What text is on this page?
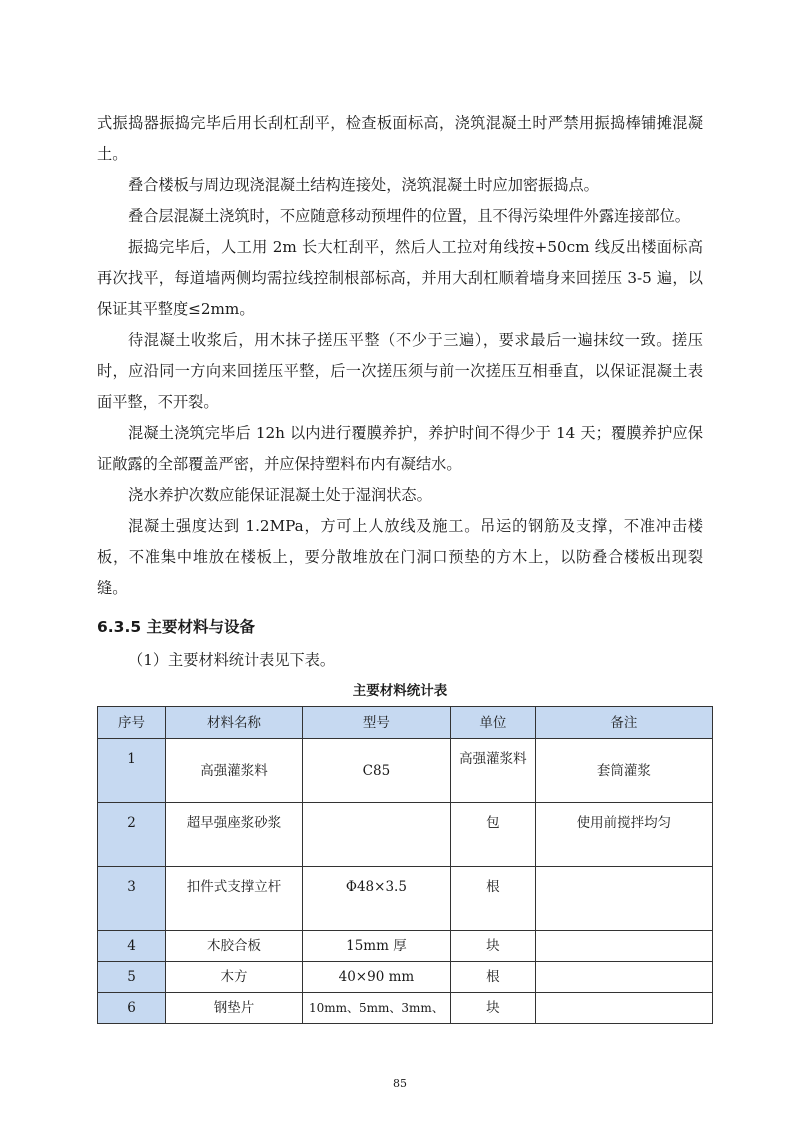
式振捣器振捣完毕后用长刮杠刮平，检查板面标高，浇筑混凝土时严禁用振捣棒铺摊混凝土。

叠合楼板与周边现浇混凝土结构连接处，浇筑混凝土时应加密振捣点。

叠合层混凝土浇筑时，不应随意移动预埋件的位置，且不得污染埋件外露连接部位。

振捣完毕后，人工用 2m 长大杠刮平，然后人工拉对角线按+50cm 线反出楼面标高再次找平，每道墙两侧均需拉线控制根部标高，并用大刮杠顺着墙身来回搓压 3-5 遍，以保证其平整度≤2mm。

待混凝土收浆后，用木抹子搓压平整（不少于三遍），要求最后一遍抹纹一致。搓压时，应沿同一方向来回搓压平整，后一次搓压须与前一次搓压互相垂直，以保证混凝土表面平整，不开裂。

混凝土浇筑完毕后 12h 以内进行覆膜养护，养护时间不得少于 14 天；覆膜养护应保证敞露的全部覆盖严密，并应保持塑料布内有凝结水。

浇水养护次数应能保证混凝土处于湿润状态。

混凝土强度达到 1.2MPa，方可上人放线及施工。吊运的钢筋及支撑，不准冲击楼板，不准集中堆放在楼板上，要分散堆放在门洞口预垫的方木上，以防叠合楼板出现裂缝。

6.3.5 主要材料与设备

（1）主要材料统计表见下表。

主要材料统计表
序号	材料名称	型号	单位	备注
1	高强灌浆料	C85	高强灌浆料	套筒灌浆
2	超早强座浆砂浆		包	使用前搅拌均匀
3	扣件式支撑立杆	Φ48×3.5	根	
4	木胶合板	15mm 厚	块	
5	木方	40×90 mm	根	
6	钢垫片	10mm、5mm、3mm、	块	
85
